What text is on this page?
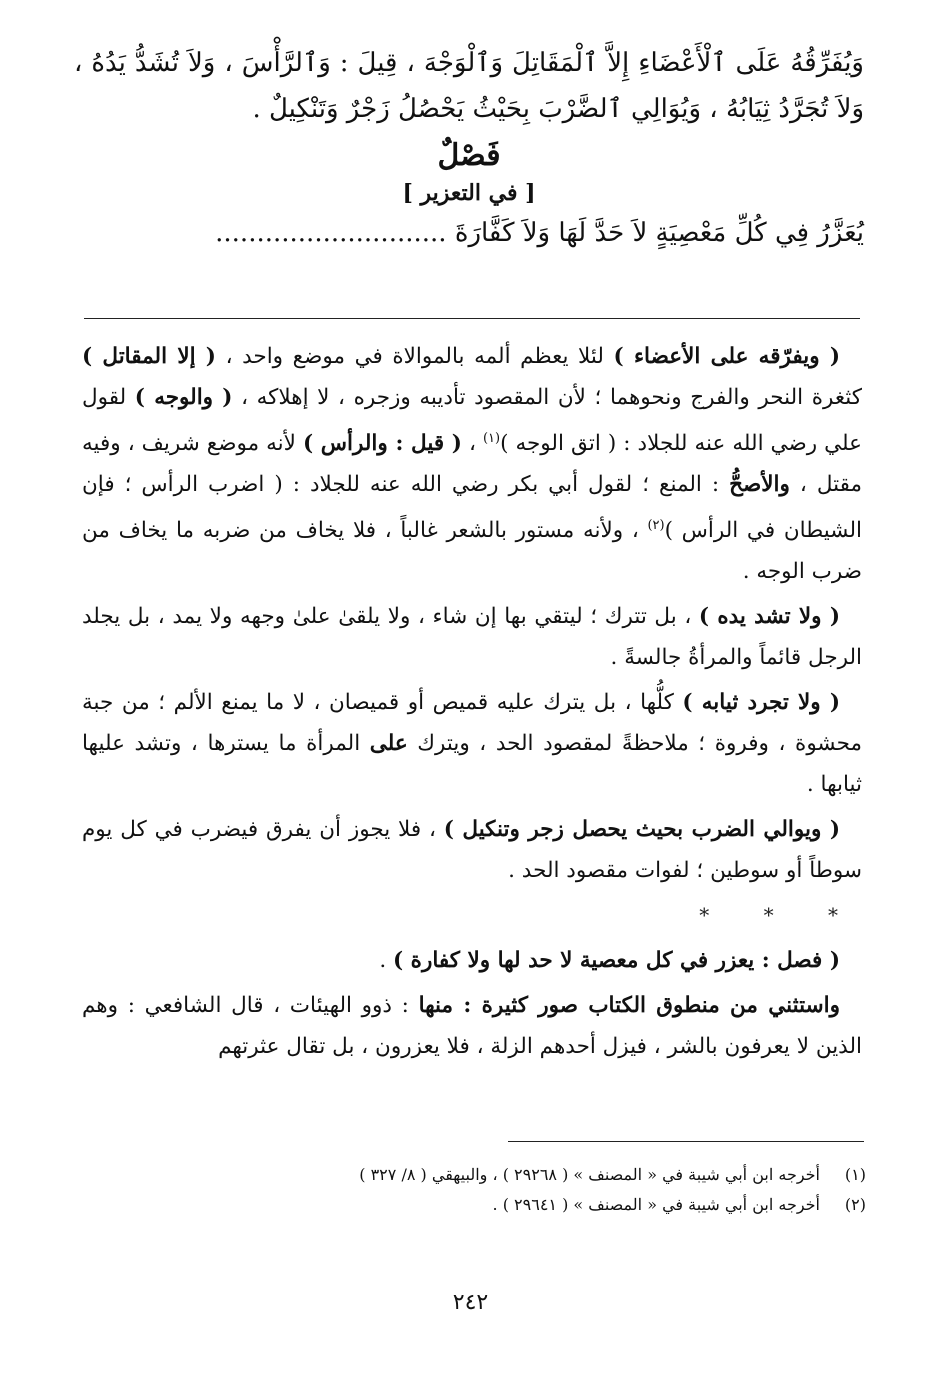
وَيُفَرِّقُهُ عَلَى ٱلْأَعْضَاءِ إِلاَّ ٱلْمَقَاتِلَ وَٱلْوَجْهَ ، قِيلَ : وَٱلرَّأْسَ ، وَلاَ تُشَدُّ يَدُهُ ، وَلاَ تُجَرَّدُ ثِيَابُهُ ، وَيُوَالِي ٱلضَّرْبَ بِحَيْثُ يَحْصُلُ زَجْرٌ وَتَنْكِيلٌ .
فَصْلٌ
[ في التعزير ]
يُعَزَّرُ فِي كُلِّ مَعْصِيَةٍ لاَ حَدَّ لَهَا وَلاَ كَفَّارَةَ ............................

( ويفرّقه على الأعضاء ) لئلا يعظم ألمه بالموالاة في موضع واحد ، ( إلا المقاتل ) كثغرة النحر والفرج ونحوهما ؛ لأن المقصود تأديبه وزجره ، لا إهلاكه ، ( والوجه ) لقول علي رضي الله عنه للجلاد : ( اتق الوجه )$^{(١)}$ ، ( قيل : والرأس ) لأنه موضع شريف ، وفيه مقتل ، والأصحُّ : المنع ؛ لقول أبي بكر رضي الله عنه للجلاد : ( اضرب الرأس ؛ فإن الشيطان في الرأس )$^{(٢)}$ ، ولأنه مستور بالشعر غالباً ، فلا يخاف من ضربه ما يخاف من ضرب الوجه .

( ولا تشد يده ) ، بل تترك ؛ ليتقي بها إن شاء ، ولا يلقىٰ علىٰ وجهه ولا يمد ، بل يجلد الرجل قائماً والمرأةُ جالسةً .

( ولا تجرد ثيابه ) كلُّها ، بل يترك عليه قميص أو قميصان ، لا ما يمنع الألم ؛ من جبة محشوة ، وفروة ؛ ملاحظةً لمقصود الحد ، ويترك على المرأة ما يسترها ، وتشد عليها ثيابها .

( ويوالي الضرب بحيث يحصل زجر وتنكيل ) ، فلا يجوز أن يفرق فيضرب في كل يوم سوطاً أو سوطين ؛ لفوات مقصود الحد .

* * *

( فصل : يعزر في كل معصية لا حد لها ولا كفارة ) .

واستثني من منطوق الكتاب صور كثيرة : منها : ذوو الهيئات ، قال الشافعي : وهم الذين لا يعرفون بالشر ، فيزل أحدهم الزلة ، فلا يعزرون ، بل تقال عثرتهم

(١)أخرجه ابن أبي شيبة في « المصنف » ( ٢٩٢٦٨ ) ، والبيهقي ( ٨/ ٣٢٧ )
(٢)أخرجه ابن أبي شيبة في « المصنف » ( ٢٩٦٤١ ) .
٢٤٢
